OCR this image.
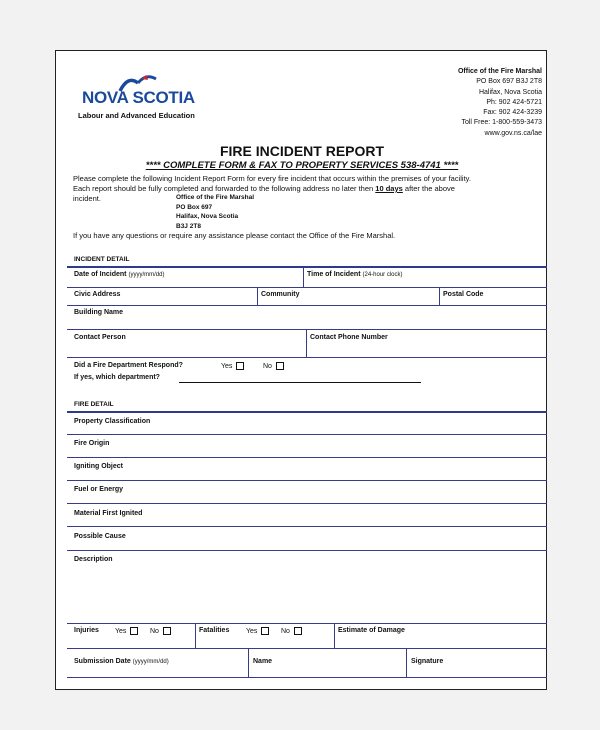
NOVA SCOTIA
Labour and Advanced Education
Office of the Fire Marshal
PO Box 697 B3J 2T8
Halifax, Nova Scotia
Ph: 902 424-5721
Fax: 902 424-3239
Toll Free: 1-800-559-3473
www.gov.ns.ca/lae
FIRE INCIDENT REPORT
**** COMPLETE FORM & FAX TO PROPERTY SERVICES 538-4741 ****
Please complete the following Incident Report Form for every fire incident that occurs within the premises of your facility.
Each report should be fully completed and forwarded to the following address no later then 10 days after the above
incident.	Office of the Fire Marshal
PO Box 697
Halifax, Nova Scotia
B3J 2T8
If you have any questions or require any assistance please contact the Office of the Fire Marshal.
INCIDENT DETAIL
Date of Incident (yyyy/mm/dd)	Time of Incident (24-hour clock)
Civic Address	Community	Postal Code
Building Name
Contact Person	Contact Phone Number
Did a Fire Department Respond?	Yes	No
If yes, which department?
FIRE DETAIL
Property Classification
Fire Origin
Igniting Object
Fuel or Energy
Material First Ignited
Possible Cause
Description
Injuries Yes	No	Fatalities Yes	No	Estimate of Damage
Submission Date (yyyy/mm/dd)	Name	Signature
